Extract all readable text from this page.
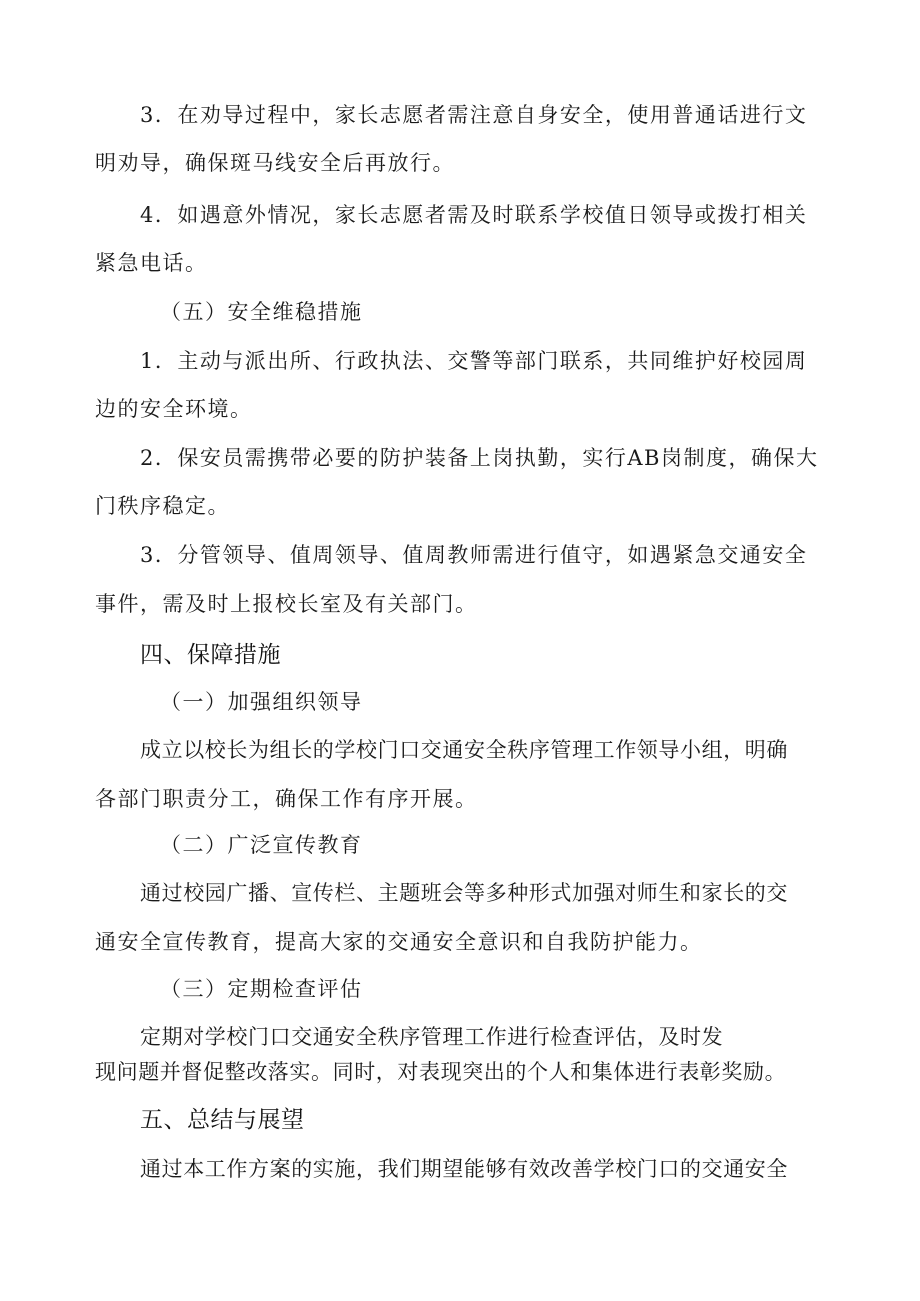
3．在劝导过程中，家长志愿者需注意自身安全，使用普通话进行文
明劝导，确保斑马线安全后再放行。
4．如遇意外情况，家长志愿者需及时联系学校值日领导或拨打相关
紧急电话。
（五）安全维稳措施
1．主动与派出所、行政执法、交警等部门联系，共同维护好校园周
边的安全环境。
2．保安员需携带必要的防护装备上岗执勤，实行AB岗制度，确保大
门秩序稳定。
3．分管领导、值周领导、值周教师需进行值守，如遇紧急交通安全
事件，需及时上报校长室及有关部门。
四、保障措施
（一）加强组织领导
成立以校长为组长的学校门口交通安全秩序管理工作领导小组，明确
各部门职责分工，确保工作有序开展。
（二）广泛宣传教育
通过校园广播、宣传栏、主题班会等多种形式加强对师生和家长的交
通安全宣传教育，提高大家的交通安全意识和自我防护能力。
（三）定期检查评估
定期对学校门口交通安全秩序管理工作进行检查评估，及时发
现问题并督促整改落实。同时，对表现突出的个人和集体进行表彰奖励。
五、总结与展望
通过本工作方案的实施，我们期望能够有效改善学校门口的交通安全
